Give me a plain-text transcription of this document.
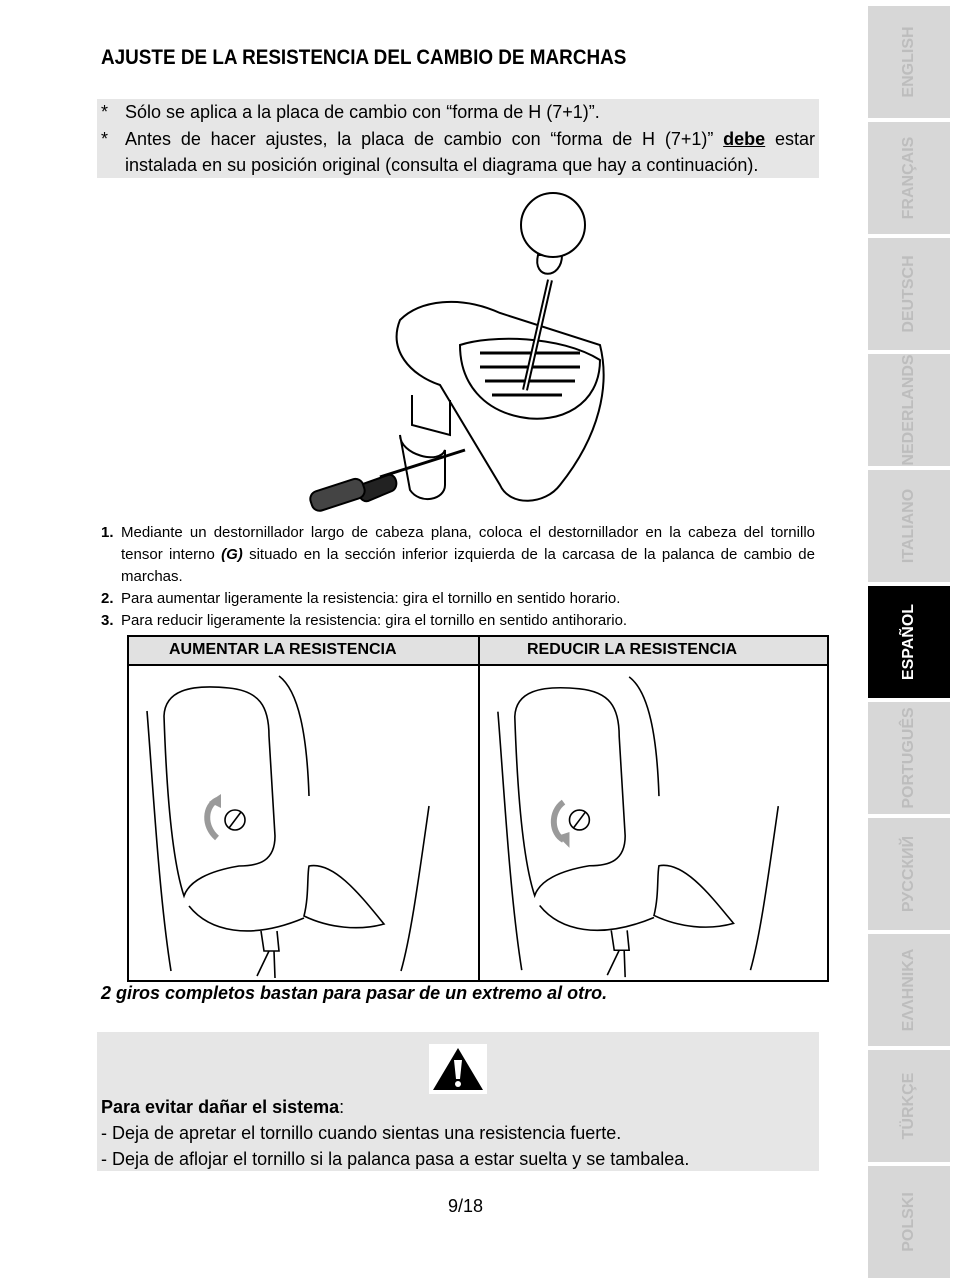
AJUSTE DE LA RESISTENCIA DEL CAMBIO DE MARCHAS
* Sólo se aplica a la placa de cambio con “forma de H (7+1)”.
* Antes de hacer ajustes, la placa de cambio con “forma de H (7+1)” debe estar instalada en su posición original (consulta el diagrama que hay a continuación).
1. Mediante un destornillador largo de cabeza plana, coloca el destornillador en la cabeza del tornillo tensor interno (G) situado en la sección inferior izquierda de la carcasa de la palanca de cambio de marchas.
2. Para aumentar ligeramente la resistencia: gira el tornillo en sentido horario.
3. Para reducir ligeramente la resistencia: gira el tornillo en sentido antihorario.
AUMENTAR LA RESISTENCIA	REDUCIR LA RESISTENCIA
2 giros completos bastan para pasar de un extremo al otro.
Para evitar dañar el sistema:
- Deja de apretar el tornillo cuando sientas una resistencia fuerte.
- Deja de aflojar el tornillo si la palanca pasa a estar suelta y se tambalea.
9/18
ENGLISH
FRANÇAIS
DEUTSCH
NEDERLANDS
ITALIANO
ESPAÑOL
PORTUGUÊS
РУССКИЙ
ΕΛΛΗΝΙΚΑ
TÜRKÇE
POLSKI
